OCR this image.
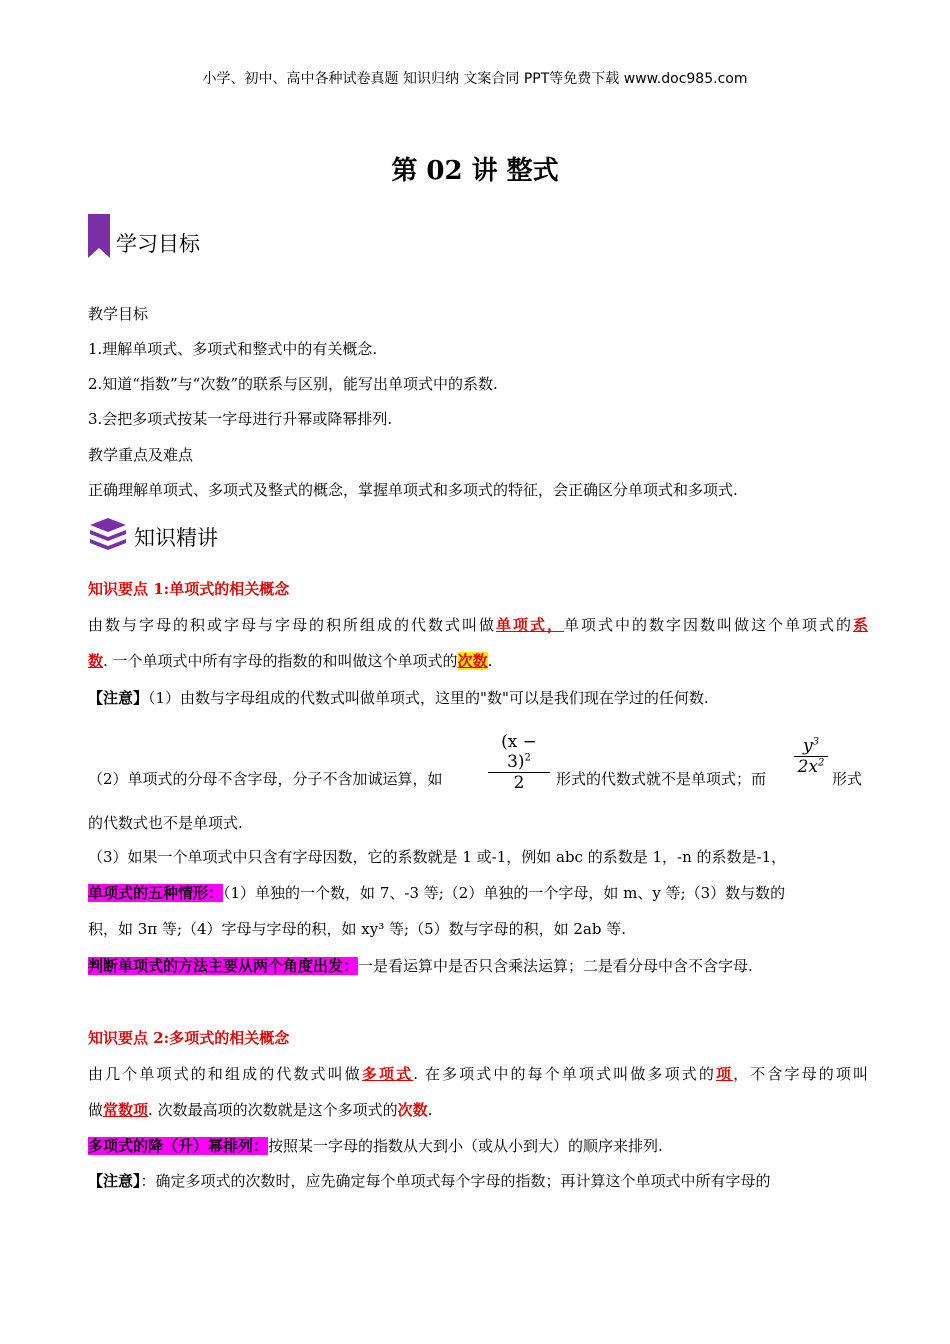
小学、初中、高中各种试卷真题 知识归纳 文案合同 PPT等免费下载 www.doc985.com
第 02 讲 整式
学习目标
教学目标
1.理解单项式、多项式和整式中的有关概念.
2.知道“指数”与“次数”的联系与区别，能写出单项式中的系数.
3.会把多项式按某一字母进行升幂或降幂排列.
教学重点及难点
正确理解单项式、多项式及整式的概念，掌握单项式和多项式的特征，会正确区分单项式和多项式.
知识精讲
知识要点 1:单项式的相关概念
由数与字母的积或字母与字母的积所组成的代数式叫做单项式，单项式中的数字因数叫做这个单项式的系
数. 一个单项式中所有字母的指数的和叫做这个单项式的次数.
【注意】（1）由数与字母组成的代数式叫做单项式，这里的"数"可以是我们现在学过的任何数.
$(x - 3)^2$
2
$y^3$
$2x^2$
（2）单项式的分母不含字母，分子不含加诚运算，如	形式的代数式就不是单项式；而	形式
的代数式也不是单项式.
（3）如果一个单项式中只含有字母因数，它的系数就是 1 或-1，例如 abc 的系数是 1，-n 的系数是-1，
单项式的五种情形：（1）单独的一个数，如 7、-3 等;（2）单独的一个字母，如 m、y 等;（3）数与数的
积，如 3π 等;（4）字母与字母的积，如 xy³ 等;（5）数与字母的积，如 2ab 等.
判断单项式的方法主要从两个角度出发：一是看运算中是否只含乘法运算；二是看分母中含不含字母.
知识要点 2:多项式的相关概念
由几个单项式的和组成的代数式叫做多项式. 在多项式中的每个单项式叫做多项式的项，不含字母的项叫
做常数项. 次数最高项的次数就是这个多项式的次数.
多项式的降（升）幂排列：按照某一字母的指数从大到小（或从小到大）的顺序来排列.
【注意】：确定多项式的次数时，应先确定每个单项式每个字母的指数；再计算这个单项式中所有字母的
